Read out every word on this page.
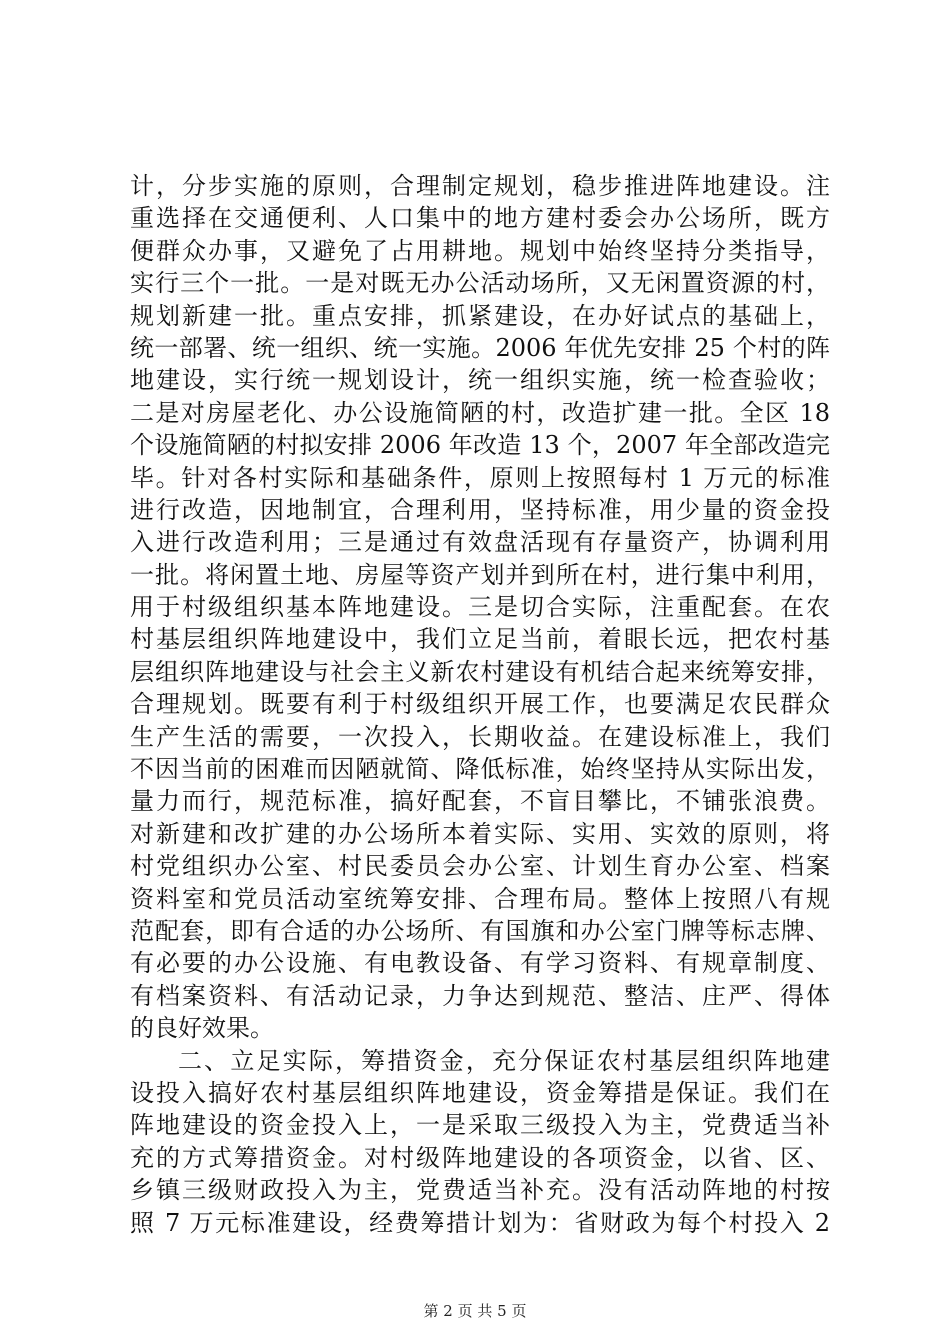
计，分步实施的原则，合理制定规划，稳步推进阵地建设。注
重选择在交通便利、人口集中的地方建村委会办公场所，既方
便群众办事，又避免了占用耕地。规划中始终坚持分类指导，
实行三个一批。一是对既无办公活动场所，又无闲置资源的村，
规划新建一批。重点安排，抓紧建设，在办好试点的基础上，
统一部署、统一组织、统一实施。2006 年优先安排 25 个村的阵
地建设，实行统一规划设计，统一组织实施，统一检查验收；
二是对房屋老化、办公设施简陋的村，改造扩建一批。全区 18
个设施简陋的村拟安排 2006 年改造 13 个，2007 年全部改造完
毕。针对各村实际和基础条件，原则上按照每村 1 万元的标准
进行改造，因地制宜，合理利用，坚持标准，用少量的资金投
入进行改造利用；三是通过有效盘活现有存量资产，协调利用
一批。将闲置土地、房屋等资产划并到所在村，进行集中利用，
用于村级组织基本阵地建设。三是切合实际，注重配套。在农
村基层组织阵地建设中，我们立足当前，着眼长远，把农村基
层组织阵地建设与社会主义新农村建设有机结合起来统筹安排，
合理规划。既要有利于村级组织开展工作，也要满足农民群众
生产生活的需要，一次投入，长期收益。在建设标准上，我们
不因当前的困难而因陋就简、降低标准，始终坚持从实际出发，
量力而行，规范标准，搞好配套，不盲目攀比，不铺张浪费。
对新建和改扩建的办公场所本着实际、实用、实效的原则，将
村党组织办公室、村民委员会办公室、计划生育办公室、档案
资料室和党员活动室统筹安排、合理布局。整体上按照八有规
范配套，即有合适的办公场所、有国旗和办公室门牌等标志牌、
有必要的办公设施、有电教设备、有学习资料、有规章制度、
有档案资料、有活动记录，力争达到规范、整洁、庄严、得体
的良好效果。
二、立足实际，筹措资金，充分保证农村基层组织阵地建
设投入搞好农村基层组织阵地建设，资金筹措是保证。我们在
阵地建设的资金投入上，一是采取三级投入为主，党费适当补
充的方式筹措资金。对村级阵地建设的各项资金，以省、区、
乡镇三级财政投入为主，党费适当补充。没有活动阵地的村按
照 7 万元标准建设，经费筹措计划为：省财政为每个村投入 2
第 2 页 共 5 页
